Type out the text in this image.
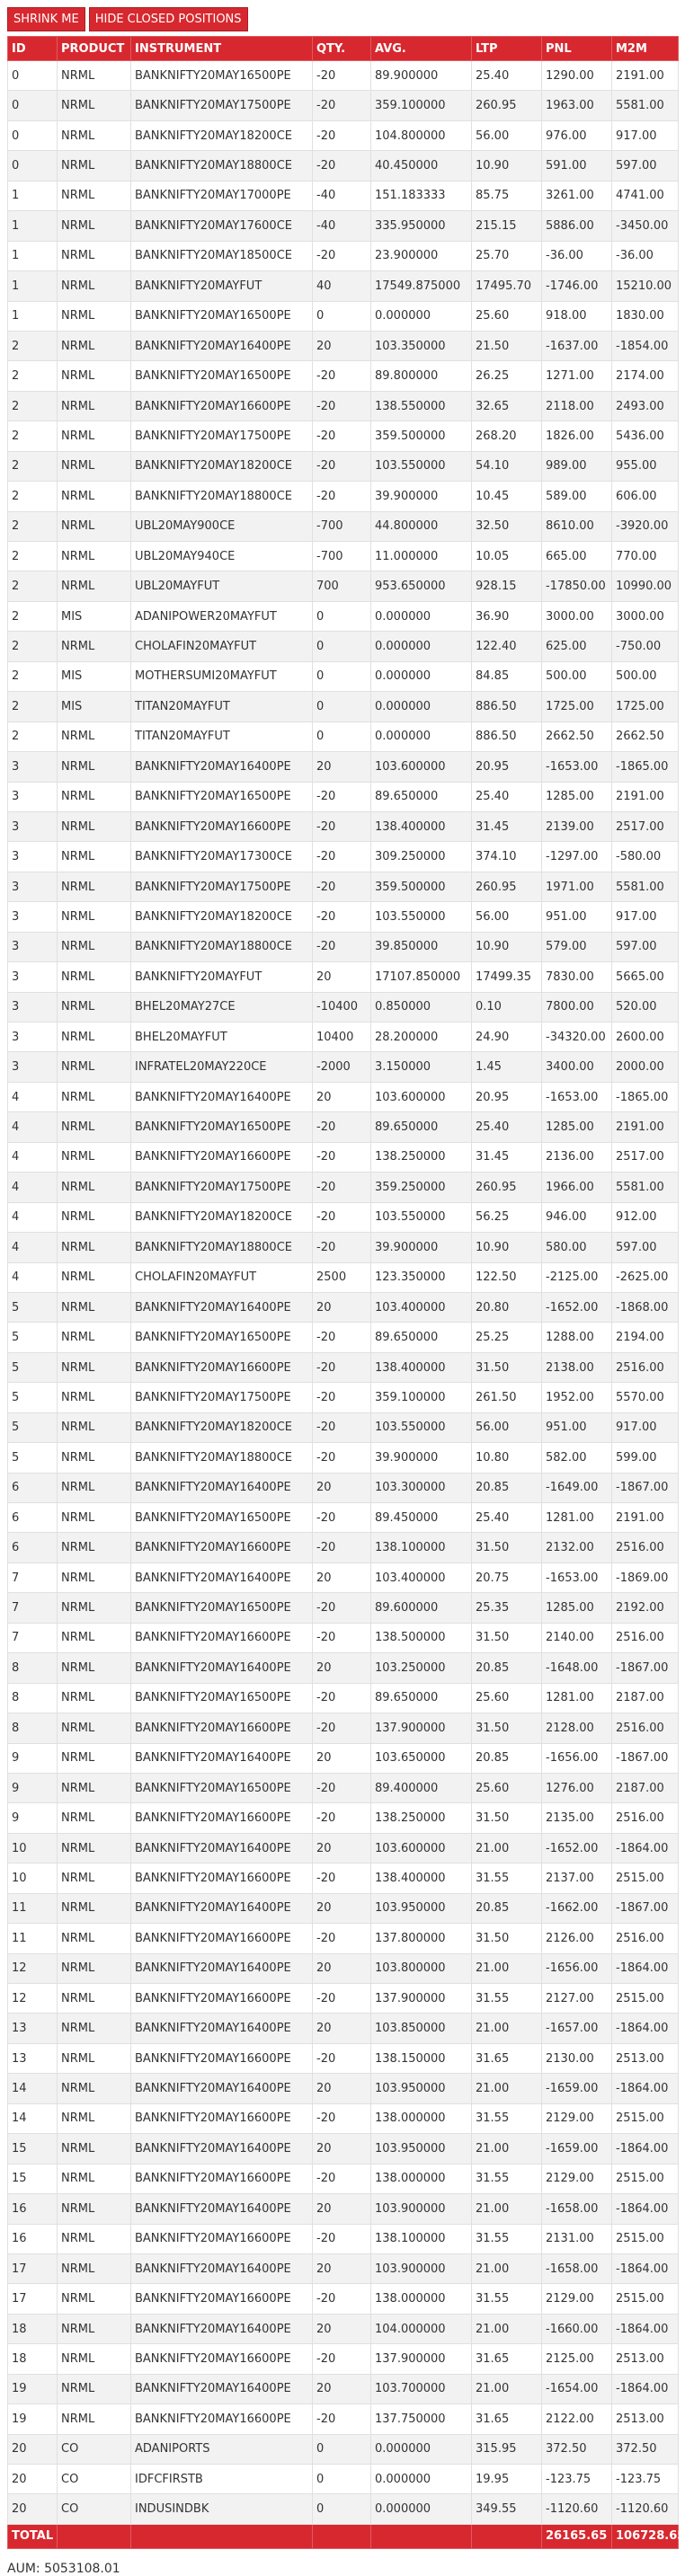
SHRINK ME	HIDE CLOSED POSITIONS
ID	PRODUCT	INSTRUMENT	QTY.	AVG.	LTP	PNL	M2M
0	NRML	BANKNIFTY20MAY16500PE	-20	89.900000	25.40	1290.00	2191.00
0	NRML	BANKNIFTY20MAY17500PE	-20	359.100000	260.95	1963.00	5581.00
0	NRML	BANKNIFTY20MAY18200CE	-20	104.800000	56.00	976.00	917.00
0	NRML	BANKNIFTY20MAY18800CE	-20	40.450000	10.90	591.00	597.00
1	NRML	BANKNIFTY20MAY17000PE	-40	151.183333	85.75	3261.00	4741.00
1	NRML	BANKNIFTY20MAY17600CE	-40	335.950000	215.15	5886.00	-3450.00
1	NRML	BANKNIFTY20MAY18500CE	-20	23.900000	25.70	-36.00	-36.00
1	NRML	BANKNIFTY20MAYFUT	40	17549.875000	17495.70	-1746.00	15210.00
1	NRML	BANKNIFTY20MAY16500PE	0	0.000000	25.60	918.00	1830.00
2	NRML	BANKNIFTY20MAY16400PE	20	103.350000	21.50	-1637.00	-1854.00
2	NRML	BANKNIFTY20MAY16500PE	-20	89.800000	26.25	1271.00	2174.00
2	NRML	BANKNIFTY20MAY16600PE	-20	138.550000	32.65	2118.00	2493.00
2	NRML	BANKNIFTY20MAY17500PE	-20	359.500000	268.20	1826.00	5436.00
2	NRML	BANKNIFTY20MAY18200CE	-20	103.550000	54.10	989.00	955.00
2	NRML	BANKNIFTY20MAY18800CE	-20	39.900000	10.45	589.00	606.00
2	NRML	UBL20MAY900CE	-700	44.800000	32.50	8610.00	-3920.00
2	NRML	UBL20MAY940CE	-700	11.000000	10.05	665.00	770.00
2	NRML	UBL20MAYFUT	700	953.650000	928.15	-17850.00	10990.00
2	MIS	ADANIPOWER20MAYFUT	0	0.000000	36.90	3000.00	3000.00
2	NRML	CHOLAFIN20MAYFUT	0	0.000000	122.40	625.00	-750.00
2	MIS	MOTHERSUMI20MAYFUT	0	0.000000	84.85	500.00	500.00
2	MIS	TITAN20MAYFUT	0	0.000000	886.50	1725.00	1725.00
2	NRML	TITAN20MAYFUT	0	0.000000	886.50	2662.50	2662.50
3	NRML	BANKNIFTY20MAY16400PE	20	103.600000	20.95	-1653.00	-1865.00
3	NRML	BANKNIFTY20MAY16500PE	-20	89.650000	25.40	1285.00	2191.00
3	NRML	BANKNIFTY20MAY16600PE	-20	138.400000	31.45	2139.00	2517.00
3	NRML	BANKNIFTY20MAY17300CE	-20	309.250000	374.10	-1297.00	-580.00
3	NRML	BANKNIFTY20MAY17500PE	-20	359.500000	260.95	1971.00	5581.00
3	NRML	BANKNIFTY20MAY18200CE	-20	103.550000	56.00	951.00	917.00
3	NRML	BANKNIFTY20MAY18800CE	-20	39.850000	10.90	579.00	597.00
3	NRML	BANKNIFTY20MAYFUT	20	17107.850000	17499.35	7830.00	5665.00
3	NRML	BHEL20MAY27CE	-10400	0.850000	0.10	7800.00	520.00
3	NRML	BHEL20MAYFUT	10400	28.200000	24.90	-34320.00	2600.00
3	NRML	INFRATEL20MAY220CE	-2000	3.150000	1.45	3400.00	2000.00
4	NRML	BANKNIFTY20MAY16400PE	20	103.600000	20.95	-1653.00	-1865.00
4	NRML	BANKNIFTY20MAY16500PE	-20	89.650000	25.40	1285.00	2191.00
4	NRML	BANKNIFTY20MAY16600PE	-20	138.250000	31.45	2136.00	2517.00
4	NRML	BANKNIFTY20MAY17500PE	-20	359.250000	260.95	1966.00	5581.00
4	NRML	BANKNIFTY20MAY18200CE	-20	103.550000	56.25	946.00	912.00
4	NRML	BANKNIFTY20MAY18800CE	-20	39.900000	10.90	580.00	597.00
4	NRML	CHOLAFIN20MAYFUT	2500	123.350000	122.50	-2125.00	-2625.00
5	NRML	BANKNIFTY20MAY16400PE	20	103.400000	20.80	-1652.00	-1868.00
5	NRML	BANKNIFTY20MAY16500PE	-20	89.650000	25.25	1288.00	2194.00
5	NRML	BANKNIFTY20MAY16600PE	-20	138.400000	31.50	2138.00	2516.00
5	NRML	BANKNIFTY20MAY17500PE	-20	359.100000	261.50	1952.00	5570.00
5	NRML	BANKNIFTY20MAY18200CE	-20	103.550000	56.00	951.00	917.00
5	NRML	BANKNIFTY20MAY18800CE	-20	39.900000	10.80	582.00	599.00
6	NRML	BANKNIFTY20MAY16400PE	20	103.300000	20.85	-1649.00	-1867.00
6	NRML	BANKNIFTY20MAY16500PE	-20	89.450000	25.40	1281.00	2191.00
6	NRML	BANKNIFTY20MAY16600PE	-20	138.100000	31.50	2132.00	2516.00
7	NRML	BANKNIFTY20MAY16400PE	20	103.400000	20.75	-1653.00	-1869.00
7	NRML	BANKNIFTY20MAY16500PE	-20	89.600000	25.35	1285.00	2192.00
7	NRML	BANKNIFTY20MAY16600PE	-20	138.500000	31.50	2140.00	2516.00
8	NRML	BANKNIFTY20MAY16400PE	20	103.250000	20.85	-1648.00	-1867.00
8	NRML	BANKNIFTY20MAY16500PE	-20	89.650000	25.60	1281.00	2187.00
8	NRML	BANKNIFTY20MAY16600PE	-20	137.900000	31.50	2128.00	2516.00
9	NRML	BANKNIFTY20MAY16400PE	20	103.650000	20.85	-1656.00	-1867.00
9	NRML	BANKNIFTY20MAY16500PE	-20	89.400000	25.60	1276.00	2187.00
9	NRML	BANKNIFTY20MAY16600PE	-20	138.250000	31.50	2135.00	2516.00
10	NRML	BANKNIFTY20MAY16400PE	20	103.600000	21.00	-1652.00	-1864.00
10	NRML	BANKNIFTY20MAY16600PE	-20	138.400000	31.55	2137.00	2515.00
11	NRML	BANKNIFTY20MAY16400PE	20	103.950000	20.85	-1662.00	-1867.00
11	NRML	BANKNIFTY20MAY16600PE	-20	137.800000	31.50	2126.00	2516.00
12	NRML	BANKNIFTY20MAY16400PE	20	103.800000	21.00	-1656.00	-1864.00
12	NRML	BANKNIFTY20MAY16600PE	-20	137.900000	31.55	2127.00	2515.00
13	NRML	BANKNIFTY20MAY16400PE	20	103.850000	21.00	-1657.00	-1864.00
13	NRML	BANKNIFTY20MAY16600PE	-20	138.150000	31.65	2130.00	2513.00
14	NRML	BANKNIFTY20MAY16400PE	20	103.950000	21.00	-1659.00	-1864.00
14	NRML	BANKNIFTY20MAY16600PE	-20	138.000000	31.55	2129.00	2515.00
15	NRML	BANKNIFTY20MAY16400PE	20	103.950000	21.00	-1659.00	-1864.00
15	NRML	BANKNIFTY20MAY16600PE	-20	138.000000	31.55	2129.00	2515.00
16	NRML	BANKNIFTY20MAY16400PE	20	103.900000	21.00	-1658.00	-1864.00
16	NRML	BANKNIFTY20MAY16600PE	-20	138.100000	31.55	2131.00	2515.00
17	NRML	BANKNIFTY20MAY16400PE	20	103.900000	21.00	-1658.00	-1864.00
17	NRML	BANKNIFTY20MAY16600PE	-20	138.000000	31.55	2129.00	2515.00
18	NRML	BANKNIFTY20MAY16400PE	20	104.000000	21.00	-1660.00	-1864.00
18	NRML	BANKNIFTY20MAY16600PE	-20	137.900000	31.65	2125.00	2513.00
19	NRML	BANKNIFTY20MAY16400PE	20	103.700000	21.00	-1654.00	-1864.00
19	NRML	BANKNIFTY20MAY16600PE	-20	137.750000	31.65	2122.00	2513.00
20	CO	ADANIPORTS	0	0.000000	315.95	372.50	372.50
20	CO	IDFCFIRSTB	0	0.000000	19.95	-123.75	-123.75
20	CO	INDUSINDBK	0	0.000000	349.55	-1120.60	-1120.60
TOTAL						26165.65	106728.65
AUM: 5053108.01
